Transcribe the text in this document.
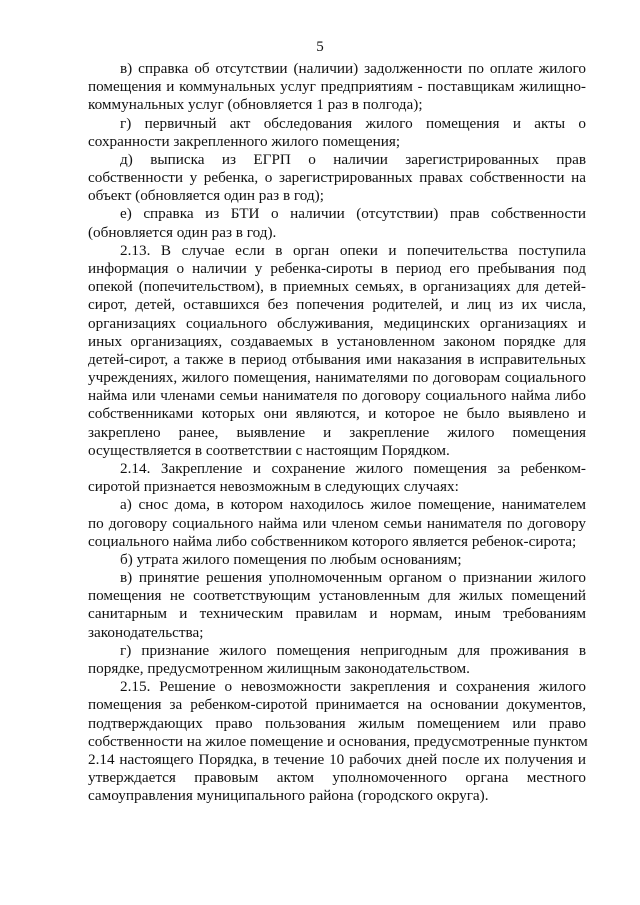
5
в) справка об отсутствии (наличии) задолженности по оплате жилого
помещения и коммунальных услуг предприятиям - поставщикам жилищно-
коммунальных услуг (обновляется 1 раз в полгода);
г) первичный акт обследования жилого помещения и акты о
сохранности закрепленного жилого помещения;
д) выписка из ЕГРП о наличии зарегистрированных прав
собственности у ребенка, о зарегистрированных правах собственности на
объект (обновляется один раз в год);
е) справка из БТИ о наличии (отсутствии) прав собственности
(обновляется один раз в год).
2.13. В случае если в орган опеки и попечительства поступила
информация о наличии у ребенка-сироты в период его пребывания под
опекой (попечительством), в приемных семьях, в организациях для детей-
сирот, детей, оставшихся без попечения родителей, и лиц из их числа,
организациях социального обслуживания, медицинских организациях и
иных организациях, создаваемых в установленном законом порядке для
детей-сирот, а также в период отбывания ими наказания в исправительных
учреждениях, жилого помещения, нанимателями по договорам социального
найма или членами семьи нанимателя по договору социального найма либо
собственниками которых они являются, и которое не было выявлено и
закреплено ранее, выявление и закрепление жилого помещения
осуществляется в соответствии с настоящим Порядком.
2.14. Закрепление и сохранение жилого помещения за ребенком-
сиротой признается невозможным в следующих случаях:
а) снос дома, в котором находилось жилое помещение, нанимателем
по договору социального найма или членом семьи нанимателя по договору
социального найма либо собственником которого является ребенок-сирота;
б) утрата жилого помещения по любым основаниям;
в) принятие решения уполномоченным органом о признании жилого
помещения не соответствующим установленным для жилых помещений
санитарным и техническим правилам и нормам, иным требованиям
законодательства;
г) признание жилого помещения непригодным для проживания в
порядке, предусмотренном жилищным законодательством.
2.15. Решение о невозможности закрепления и сохранения жилого
помещения за ребенком-сиротой принимается на основании документов,
подтверждающих право пользования жилым помещением или право
собственности на жилое помещение и основания, предусмотренные пунктом
2.14 настоящего Порядка, в течение 10 рабочих дней после их получения и
утверждается правовым актом уполномоченного органа местного
самоуправления муниципального района (городского округа).
